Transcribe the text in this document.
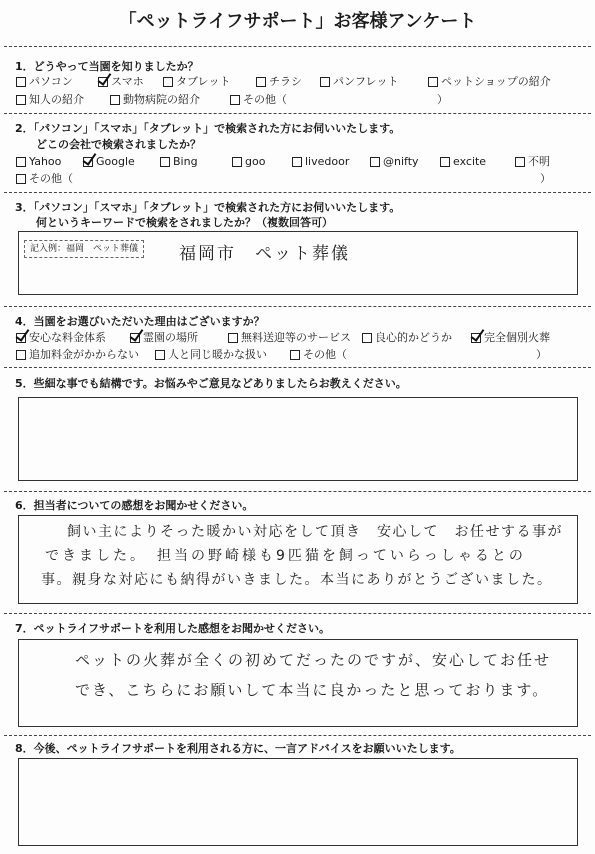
「ペットライフサポート」お客様アンケート
1．どうやって当園を知りましたか？
パソコン	スマホ	タブレット	チラシ	パンフレット	ペットショップの紹介
知人の紹介	動物病院の紹介	その他（	）
2．「パソコン」「スマホ」「タブレット」で検索された方にお伺いいたします。
どこの会社で検索されましたか？
Yahoo	Google	Bing	goo	livedoor	@nifty	excite	不明
その他（	）
3．「パソコン」「スマホ」「タブレット」で検索された方にお伺いいたします。
何というキーワードで検索をされましたか？（複数回答可）
記入例：福岡　ペット葬儀	福岡市　ペット葬儀
4．当園をお選びいただいた理由はございますか？
安心な料金体系	霊園の場所	無料送迎等のサービス 良心的かどうか	完全個別火葬
追加料金がかからない	人と同じ暖かな扱い	その他（	）
5．些細な事でも結構です。お悩みやご意見などありましたらお教えください。
6．担当者についての感想をお聞かせください。
飼い主によりそった暖かい対応をして頂き　安心して　お任せする事が
できました。　担当の野崎様も9匹猫を飼っていらっしゃるとの
事。親身な対応にも納得がいきました。本当にありがとうございました。
7．ペットライフサポートを利用した感想をお聞かせください。
ペットの火葬が全くの初めてだったのですが、安心してお任せ
でき、こちらにお願いして本当に良かったと思っております。
8．今後、ペットライフサポートを利用される方に、一言アドバイスをお願いいたします。
